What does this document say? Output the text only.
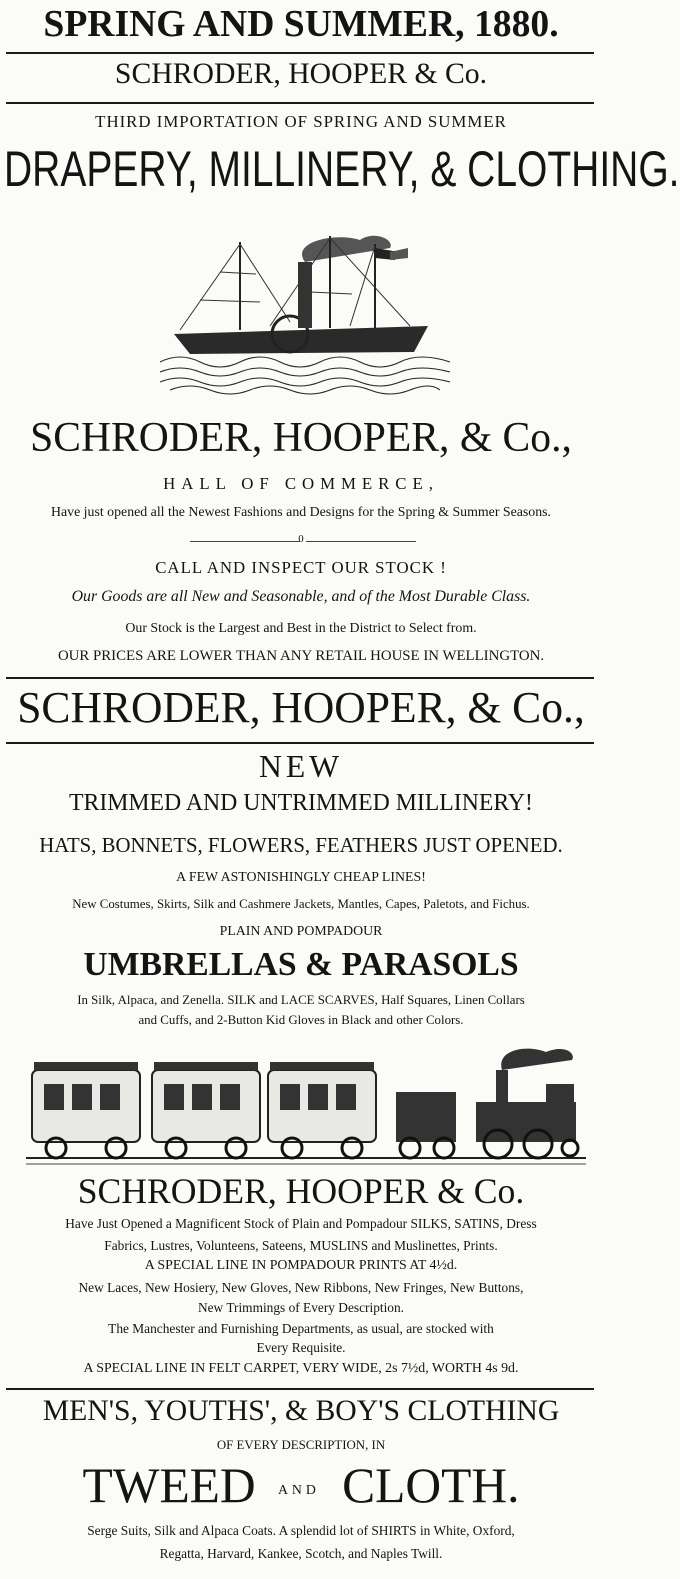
SPRING AND SUMMER, 1880.
SCHRODER, HOOPER & Co.
THIRD IMPORTATION OF SPRING AND SUMMER
DRAPERY, MILLINERY, & CLOTHING.
SCHRODER, HOOPER, & Co.,
HALL OF COMMERCE,
Have just opened all the Newest Fashions and Designs for the Spring & Summer Seasons.
0
CALL AND INSPECT OUR STOCK !
Our Goods are all New and Seasonable, and of the Most Durable Class.
Our Stock is the Largest and Best in the District to Select from.
OUR PRICES ARE LOWER THAN ANY RETAIL HOUSE IN WELLINGTON.
SCHRODER, HOOPER, & Co.,
NEW
TRIMMED AND UNTRIMMED MILLINERY!
HATS, BONNETS, FLOWERS, FEATHERS JUST OPENED.
A FEW ASTONISHINGLY CHEAP LINES!
New Costumes, Skirts, Silk and Cashmere Jackets, Mantles, Capes, Paletots, and Fichus.
PLAIN AND POMPADOUR
UMBRELLAS & PARASOLS
In Silk, Alpaca, and Zenella. SILK and LACE SCARVES, Half Squares, Linen Collars
and Cuffs, and 2-Button Kid Gloves in Black and other Colors.
SCHRODER, HOOPER & Co.
Have Just Opened a Magnificent Stock of Plain and Pompadour SILKS, SATINS, Dress
Fabrics, Lustres, Volunteens, Sateens, MUSLINS and Muslinettes, Prints.
A SPECIAL LINE IN POMPADOUR PRINTS AT 4½d.
New Laces, New Hosiery, New Gloves, New Ribbons, New Fringes, New Buttons,
New Trimmings of Every Description.
The Manchester and Furnishing Departments, as usual, are stocked with
Every Requisite.
A SPECIAL LINE IN FELT CARPET, VERY WIDE, 2s 7½d, WORTH 4s 9d.
MEN'S, YOUTHS', & BOY'S CLOTHING
OF EVERY DESCRIPTION, IN
TWEED AND CLOTH.
Serge Suits, Silk and Alpaca Coats. A splendid lot of SHIRTS in White, Oxford,
Regatta, Harvard, Kankee, Scotch, and Naples Twill.
